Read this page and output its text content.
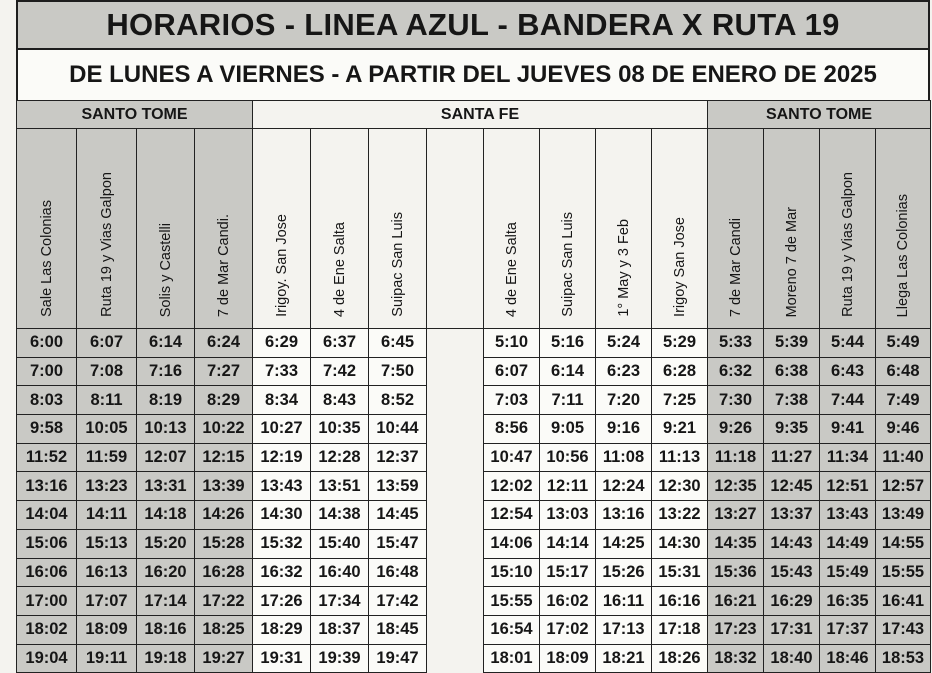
HORARIOS - LINEA AZUL - BANDERA X RUTA 19
DE LUNES A VIERNES - A PARTIR DEL JUEVES 08 DE ENERO DE 2025
SANTO TOME				SANTA FE								SANTO TOME			
Sale Las Colonias	Ruta 19 y Vias Galpon	Solis y Castelli	7 de Mar Candi.	Irigoy. San Jose	4 de Ene Salta	Suipac San Luis		4 de Ene Salta	Suipac San Luis	1° May y 3 Feb	Irigoy San Jose	7 de Mar Candi	Moreno 7 de Mar	Ruta 19 y Vias Galpon	Llega Las Colonias
6:00	6:07	6:14	6:24	6:29	6:37	6:45		5:10	5:16	5:24	5:29	5:33	5:39	5:44	5:49
7:00	7:08	7:16	7:27	7:33	7:42	7:50		6:07	6:14	6:23	6:28	6:32	6:38	6:43	6:48
8:03	8:11	8:19	8:29	8:34	8:43	8:52		7:03	7:11	7:20	7:25	7:30	7:38	7:44	7:49
9:58	10:05	10:13	10:22	10:27	10:35	10:44		8:56	9:05	9:16	9:21	9:26	9:35	9:41	9:46
11:52	11:59	12:07	12:15	12:19	12:28	12:37		10:47	10:56	11:08	11:13	11:18	11:27	11:34	11:40
13:16	13:23	13:31	13:39	13:43	13:51	13:59		12:02	12:11	12:24	12:30	12:35	12:45	12:51	12:57
14:04	14:11	14:18	14:26	14:30	14:38	14:45		12:54	13:03	13:16	13:22	13:27	13:37	13:43	13:49
15:06	15:13	15:20	15:28	15:32	15:40	15:47		14:06	14:14	14:25	14:30	14:35	14:43	14:49	14:55
16:06	16:13	16:20	16:28	16:32	16:40	16:48		15:10	15:17	15:26	15:31	15:36	15:43	15:49	15:55
17:00	17:07	17:14	17:22	17:26	17:34	17:42		15:55	16:02	16:11	16:16	16:21	16:29	16:35	16:41
18:02	18:09	18:16	18:25	18:29	18:37	18:45		16:54	17:02	17:13	17:18	17:23	17:31	17:37	17:43
19:04	19:11	19:18	19:27	19:31	19:39	19:47		18:01	18:09	18:21	18:26	18:32	18:40	18:46	18:53
